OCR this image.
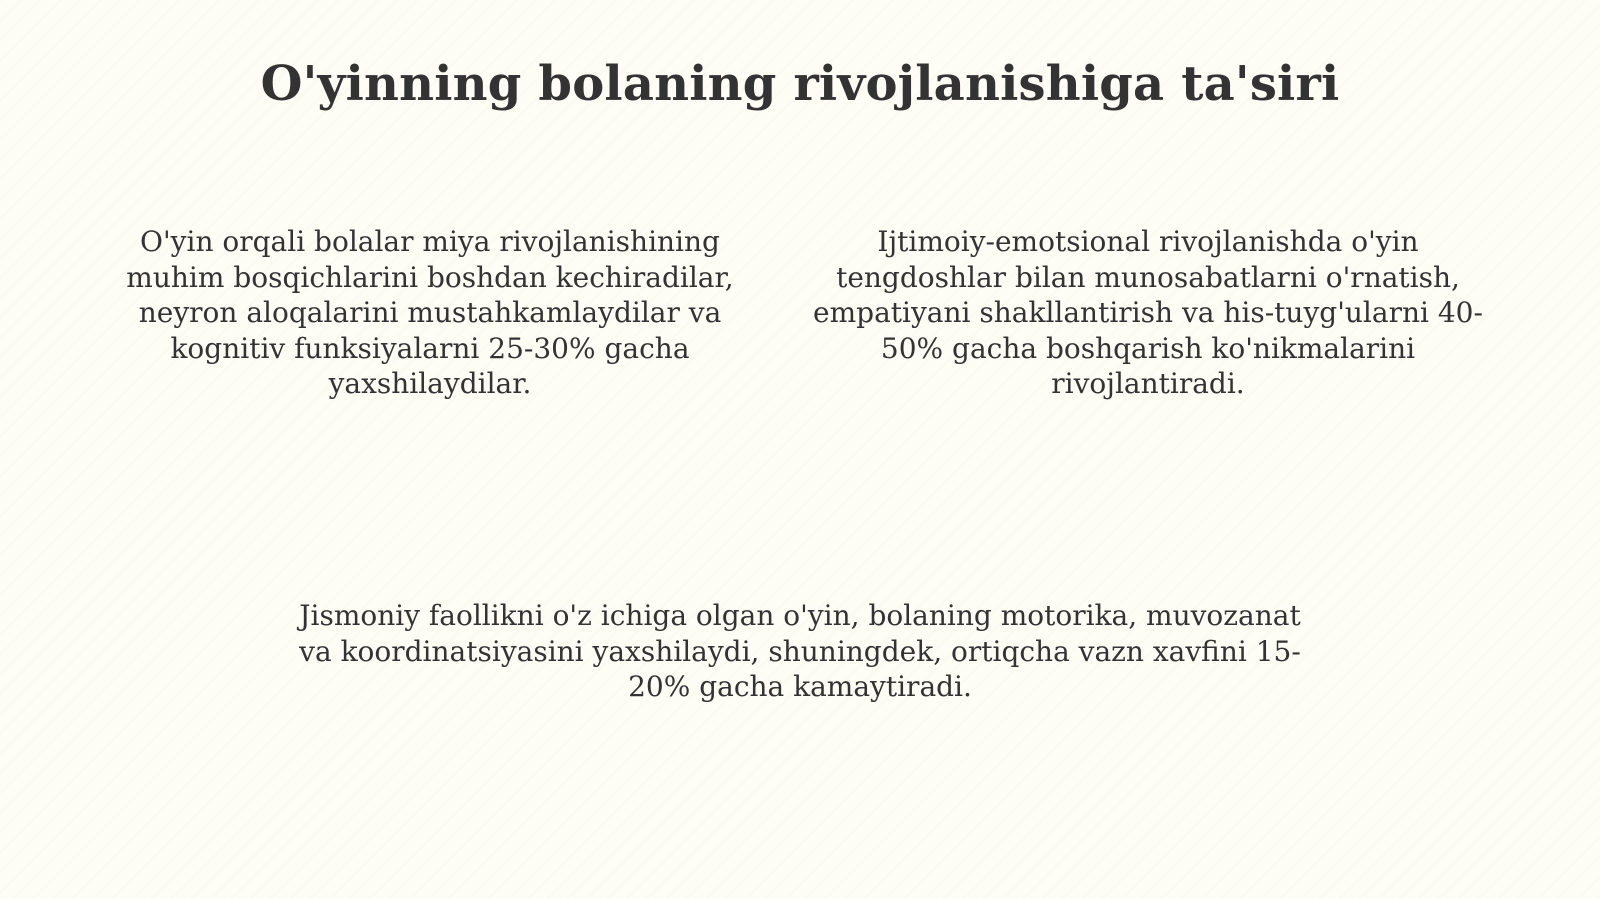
O'yinning bolaning rivojlanishiga ta'siri

O'yin orqali bolalar miya rivojlanishining muhim bosqichlarini boshdan kechiradilar, neyron aloqalarini mustahkamlaydilar va kognitiv funksiyalarni 25-30% gacha yaxshilaydilar.

Ijtimoiy-emotsional rivojlanishda o'yin tengdoshlar bilan munosabatlarni o'rnatish, empatiyani shakllantirish va his-tuyg'ularni 40-50% gacha boshqarish ko'nikmalarini rivojlantiradi.

Jismoniy faollikni o'z ichiga olgan o'yin, bolaning motorika, muvozanat va koordinatsiyasini yaxshilaydi, shuningdek, ortiqcha vazn xavfini 15-20% gacha kamaytiradi.
